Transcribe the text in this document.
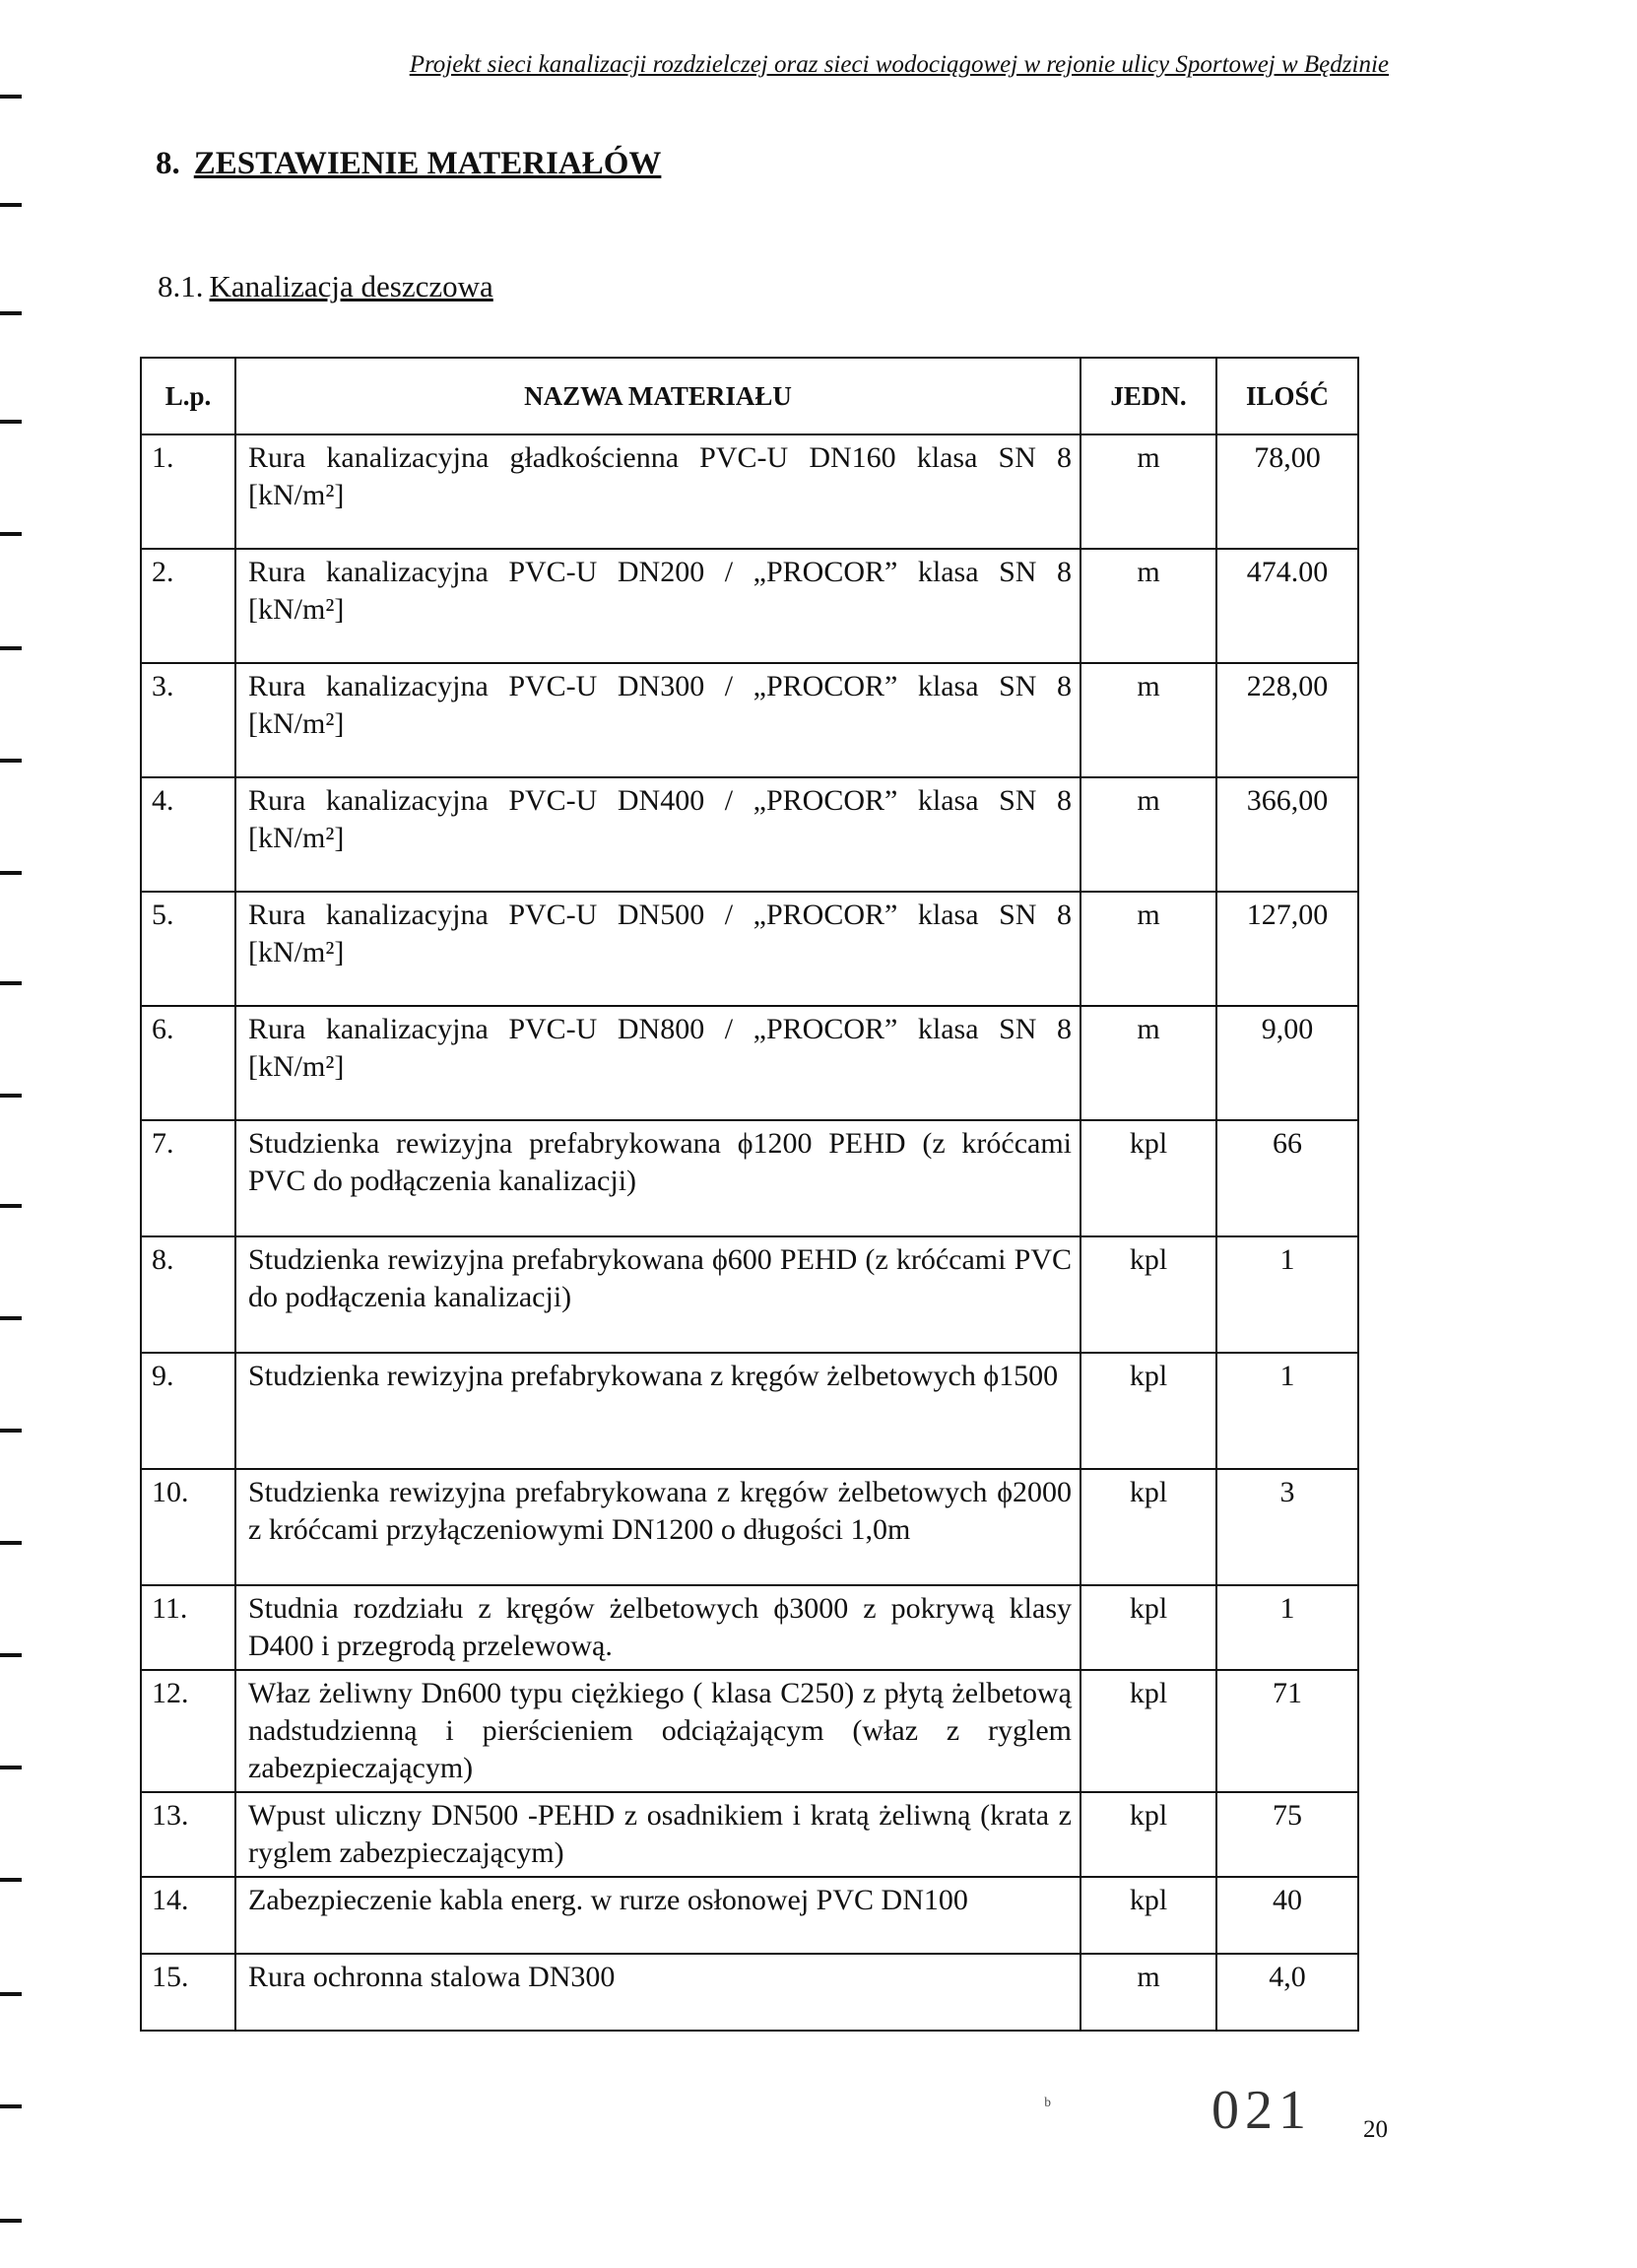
Projekt sieci kanalizacji rozdzielczej oraz sieci wodociągowej w rejonie ulicy Sportowej w Będzinie
8. ZESTAWIENIE MATERIAŁÓW
8.1. Kanalizacja deszczowa
L.p.	NAZWA MATERIAŁU	JEDN.	ILOŚĆ
1.	Rura kanalizacyjna gładkościenna PVC-U DN160 klasa SN 8 [kN/m²]	m	78,00
2.	Rura kanalizacyjna PVC-U DN200 / „PROCOR” klasa SN 8 [kN/m²]	m	474.00
3.	Rura kanalizacyjna PVC-U DN300 / „PROCOR” klasa SN 8 [kN/m²]	m	228,00
4.	Rura kanalizacyjna PVC-U DN400 / „PROCOR” klasa SN 8 [kN/m²]	m	366,00
5.	Rura kanalizacyjna PVC-U DN500 / „PROCOR” klasa SN 8 [kN/m²]	m	127,00
6.	Rura kanalizacyjna PVC-U DN800 / „PROCOR” klasa SN 8 [kN/m²]	m	9,00
7.	Studzienka rewizyjna prefabrykowana ϕ1200 PEHD (z króćcami PVC do podłączenia kanalizacji)	kpl	66
8.	Studzienka rewizyjna prefabrykowana ϕ600 PEHD (z króćcami PVC do podłączenia kanalizacji)	kpl	1
9.	Studzienka rewizyjna prefabrykowana z kręgów żelbetowych ϕ1500	kpl	1
10.	Studzienka rewizyjna prefabrykowana z kręgów żelbetowych ϕ2000 z króćcami przyłączeniowymi DN1200 o długości 1,0m	kpl	3
11.	Studnia rozdziału z kręgów żelbetowych ϕ3000 z pokrywą klasy D400 i przegrodą przelewową.	kpl	1
12.	Właz żeliwny Dn600 typu ciężkiego ( klasa C250) z płytą żelbetową nadstudzienną i pierścieniem odciążającym (właz z ryglem zabezpieczającym)	kpl	71
13.	Wpust uliczny DN500 -PEHD z osadnikiem i kratą żeliwną (krata z ryglem zabezpieczającym)	kpl	75
14.	Zabezpieczenie kabla energ. w rurze osłonowej PVC DN100	kpl	40
15.	Rura ochronna stalowa DN300	m	4,0
ᵇ	021 20
